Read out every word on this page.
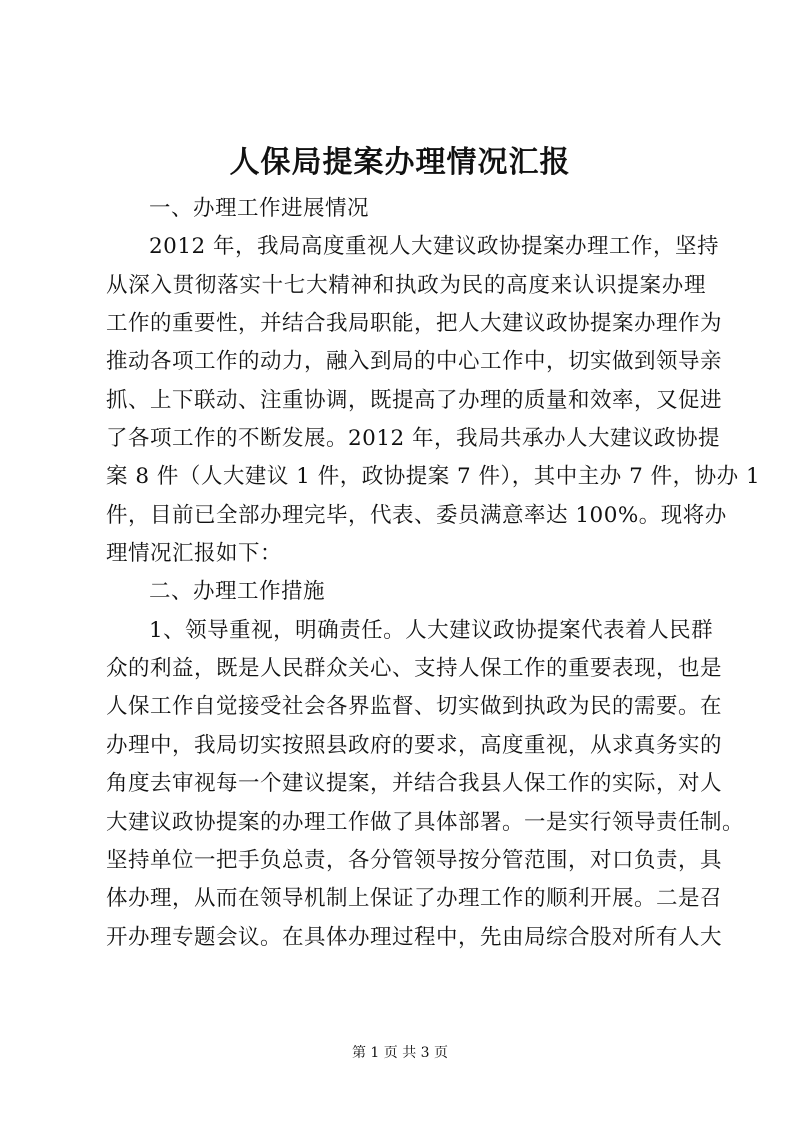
人保局提案办理情况汇报
一、办理工作进展情况
2012 年，我局高度重视人大建议政协提案办理工作，坚持
从深入贯彻落实十七大精神和执政为民的高度来认识提案办理
工作的重要性，并结合我局职能，把人大建议政协提案办理作为
推动各项工作的动力，融入到局的中心工作中，切实做到领导亲
抓、上下联动、注重协调，既提高了办理的质量和效率，又促进
了各项工作的不断发展。2012 年，我局共承办人大建议政协提
案 8 件（人大建议 1 件，政协提案 7 件），其中主办 7 件，协办 1
件，目前已全部办理完毕，代表、委员满意率达 100%。现将办
理情况汇报如下：
二、办理工作措施
1、领导重视，明确责任。人大建议政协提案代表着人民群
众的利益，既是人民群众关心、支持人保工作的重要表现，也是
人保工作自觉接受社会各界监督、切实做到执政为民的需要。在
办理中，我局切实按照县政府的要求，高度重视，从求真务实的
角度去审视每一个建议提案，并结合我县人保工作的实际，对人
大建议政协提案的办理工作做了具体部署。一是实行领导责任制。
坚持单位一把手负总责，各分管领导按分管范围，对口负责，具
体办理，从而在领导机制上保证了办理工作的顺利开展。二是召
开办理专题会议。在具体办理过程中，先由局综合股对所有人大
第 1 页 共 3 页
